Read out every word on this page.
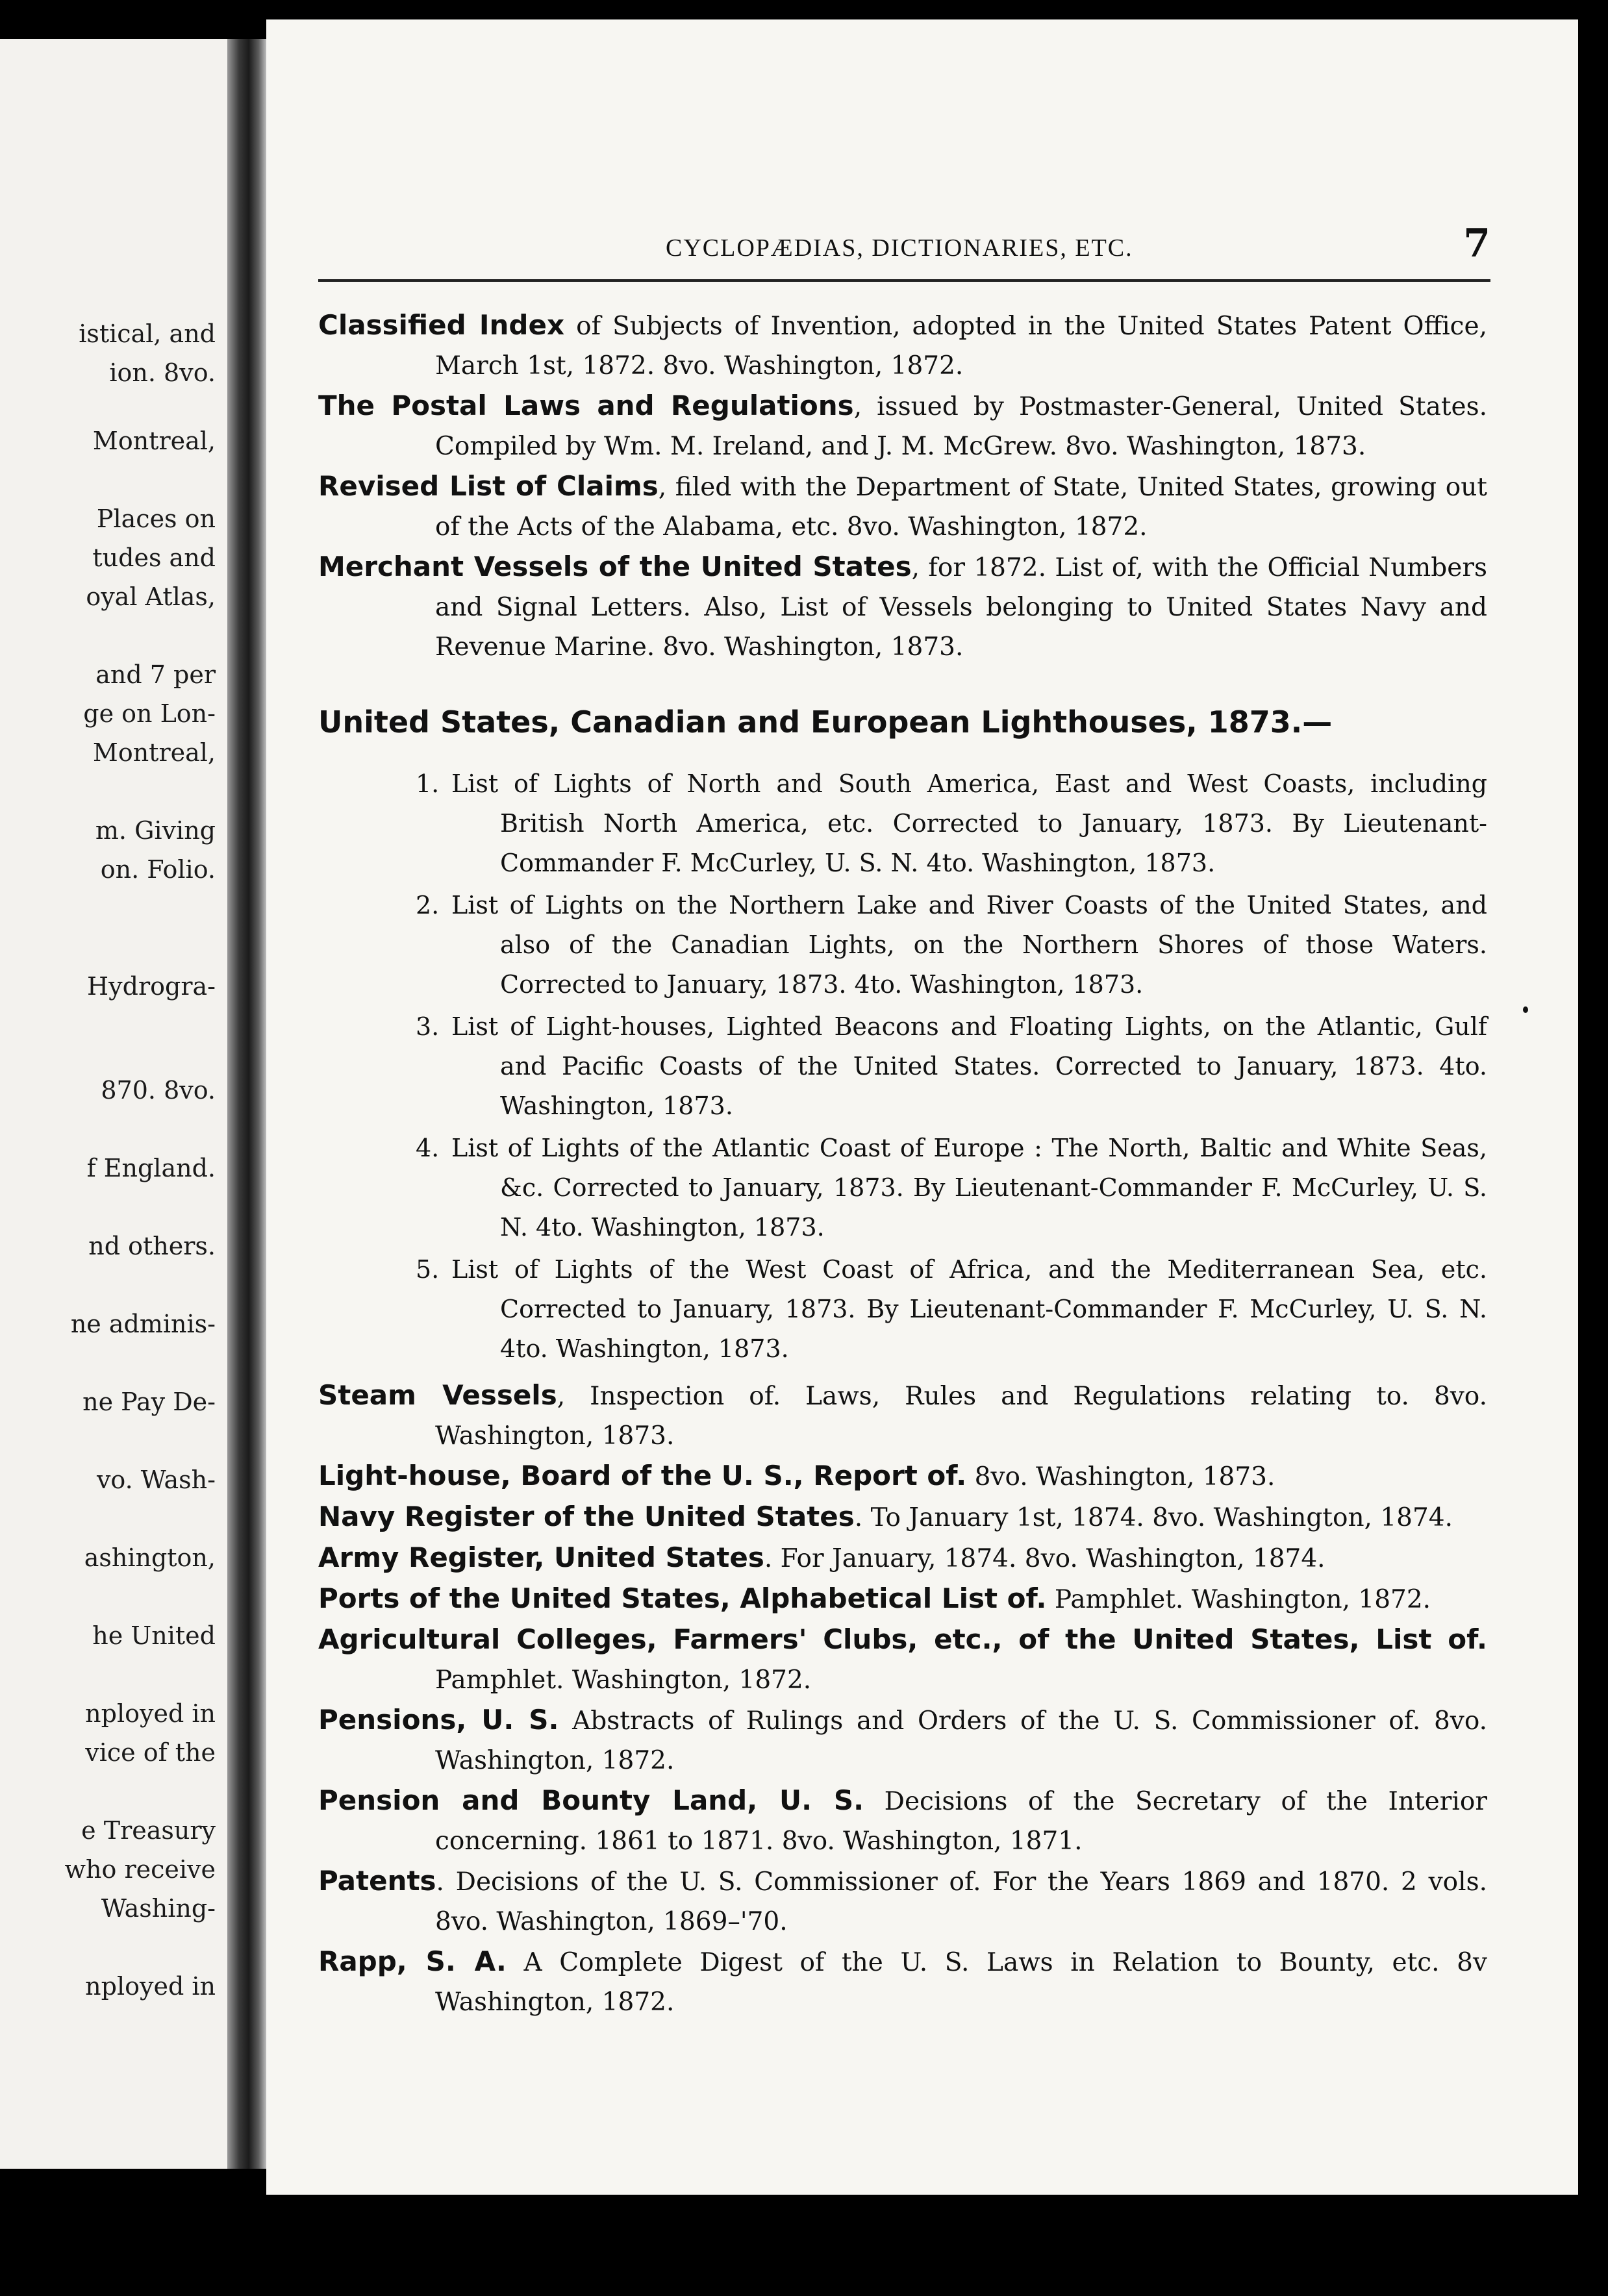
istical, and
ion. 8vo.
Montreal,
Places on
tudes and
oyal Atlas,
and 7 per
ge on Lon-
Montreal,
m. Giving
on. Folio.
Hydrogra-
870. 8vo.
f England.
nd others.
ne adminis-
ne Pay De-
vo. Wash-
ashington,
he United
nployed in
vice of the
e Treasury
who receive
Washing-
nployed in
CYCLOPÆDIAS, DICTIONARIES, ETC.	7
Classified Index of Subjects of Invention, adopted in the United States Patent Office, March 1st, 1872. 8vo. Washington, 1872.
The Postal Laws and Regulations, issued by Postmaster-General, United States. Compiled by Wm. M. Ireland, and J. M. McGrew. 8vo. Washington, 1873.
Revised List of Claims, filed with the Department of State, United States, growing out of the Acts of the Alabama, etc. 8vo. Washington, 1872.
Merchant Vessels of the United States, for 1872. List of, with the Official Numbers and Signal Letters. Also, List of Vessels belonging to United States Navy and Revenue Marine. 8vo. Washington, 1873.
United States, Canadian and European Lighthouses, 1873.—
1. List of Lights of North and South America, East and West Coasts, including British North America, etc. Corrected to January, 1873. By Lieutenant-Commander F. McCurley, U. S. N. 4to. Washington, 1873.
2. List of Lights on the Northern Lake and River Coasts of the United States, and also of the Canadian Lights, on the Northern Shores of those Waters. Corrected to January, 1873. 4to. Washington, 1873.
3. List of Light-houses, Lighted Beacons and Floating Lights, on the Atlantic, Gulf and Pacific Coasts of the United States. Corrected to January, 1873. 4to. Washington, 1873.
4. List of Lights of the Atlantic Coast of Europe : The North, Baltic and White Seas, &c. Corrected to January, 1873. By Lieutenant-Commander F. McCurley, U. S. N. 4to. Washington, 1873.
5. List of Lights of the West Coast of Africa, and the Mediterranean Sea, etc. Corrected to January, 1873. By Lieutenant-Commander F. McCurley, U. S. N. 4to. Washington, 1873.
Steam Vessels, Inspection of. Laws, Rules and Regulations relating to. 8vo. Washington, 1873.
Light-house, Board of the U. S., Report of. 8vo. Washington, 1873.
Navy Register of the United States. To January 1st, 1874. 8vo. Washington, 1874.
Army Register, United States. For January, 1874. 8vo. Washington, 1874.
Ports of the United States, Alphabetical List of. Pamphlet. Washington, 1872.
Agricultural Colleges, Farmers' Clubs, etc., of the United States, List of. Pamphlet. Washington, 1872.
Pensions, U. S. Abstracts of Rulings and Orders of the U. S. Commissioner of. 8vo. Washington, 1872.
Pension and Bounty Land, U. S. Decisions of the Secretary of the Interior concerning. 1861 to 1871. 8vo. Washington, 1871.
Patents. Decisions of the U. S. Commissioner of. For the Years 1869 and 1870. 2 vols. 8vo. Washington, 1869–'70.
Rapp, S. A. A Complete Digest of the U. S. Laws in Relation to Bounty, etc. 8v Washington, 1872.
